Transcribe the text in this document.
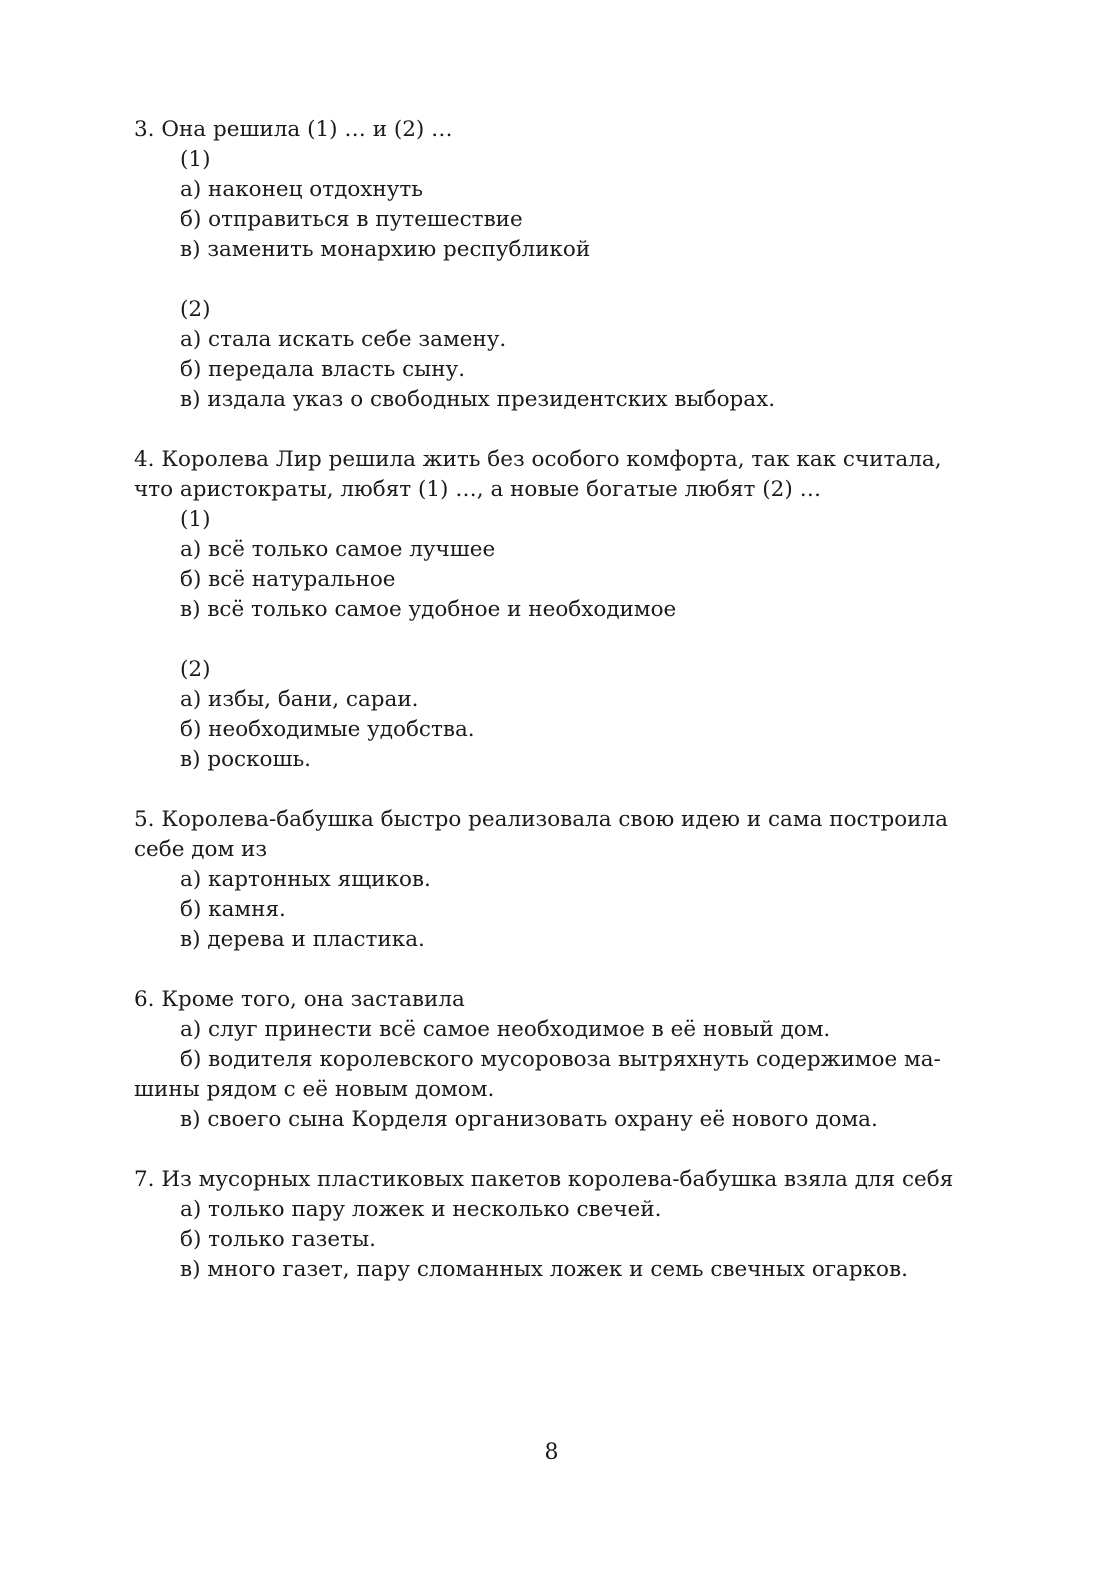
3. Она решила (1) … и (2) …

(1)

а) наконец отдохнуть

б) отправиться в путешествие

в) заменить монархию республикой

(2)

а) стала искать себе замену.

б) передала власть сыну.

в) издала указ о свободных президентских выборах.

4. Королева Лир решила жить без особого комфорта, так как считала, что аристократы, любят (1) …, а новые богатые любят (2) …

(1)

а) всё только самое лучшее

б) всё натуральное

в) всё только самое удобное и необходимое

(2)

а) избы, бани, сараи.

б) необходимые удобства.

в) роскошь.

5. Королева-бабушка быстро реализовала свою идею и сама построила себе дом из

а) картонных ящиков.

б) камня.

в) дерева и пластика.

6. Кроме того, она заставила

а) слуг принести всё самое необходимое в её новый дом.

б) водителя королевского мусоровоза вытряхнуть содержимое ма-шины рядом с её новым домом.

в) своего сына Корделя организовать охрану её нового дома.

7. Из мусорных пластиковых пакетов королева-бабушка взяла для себя

а) только пару ложек и несколько свечей.

б) только газеты.

в) много газет, пару сломанных ложек и семь свечных огарков.

8
